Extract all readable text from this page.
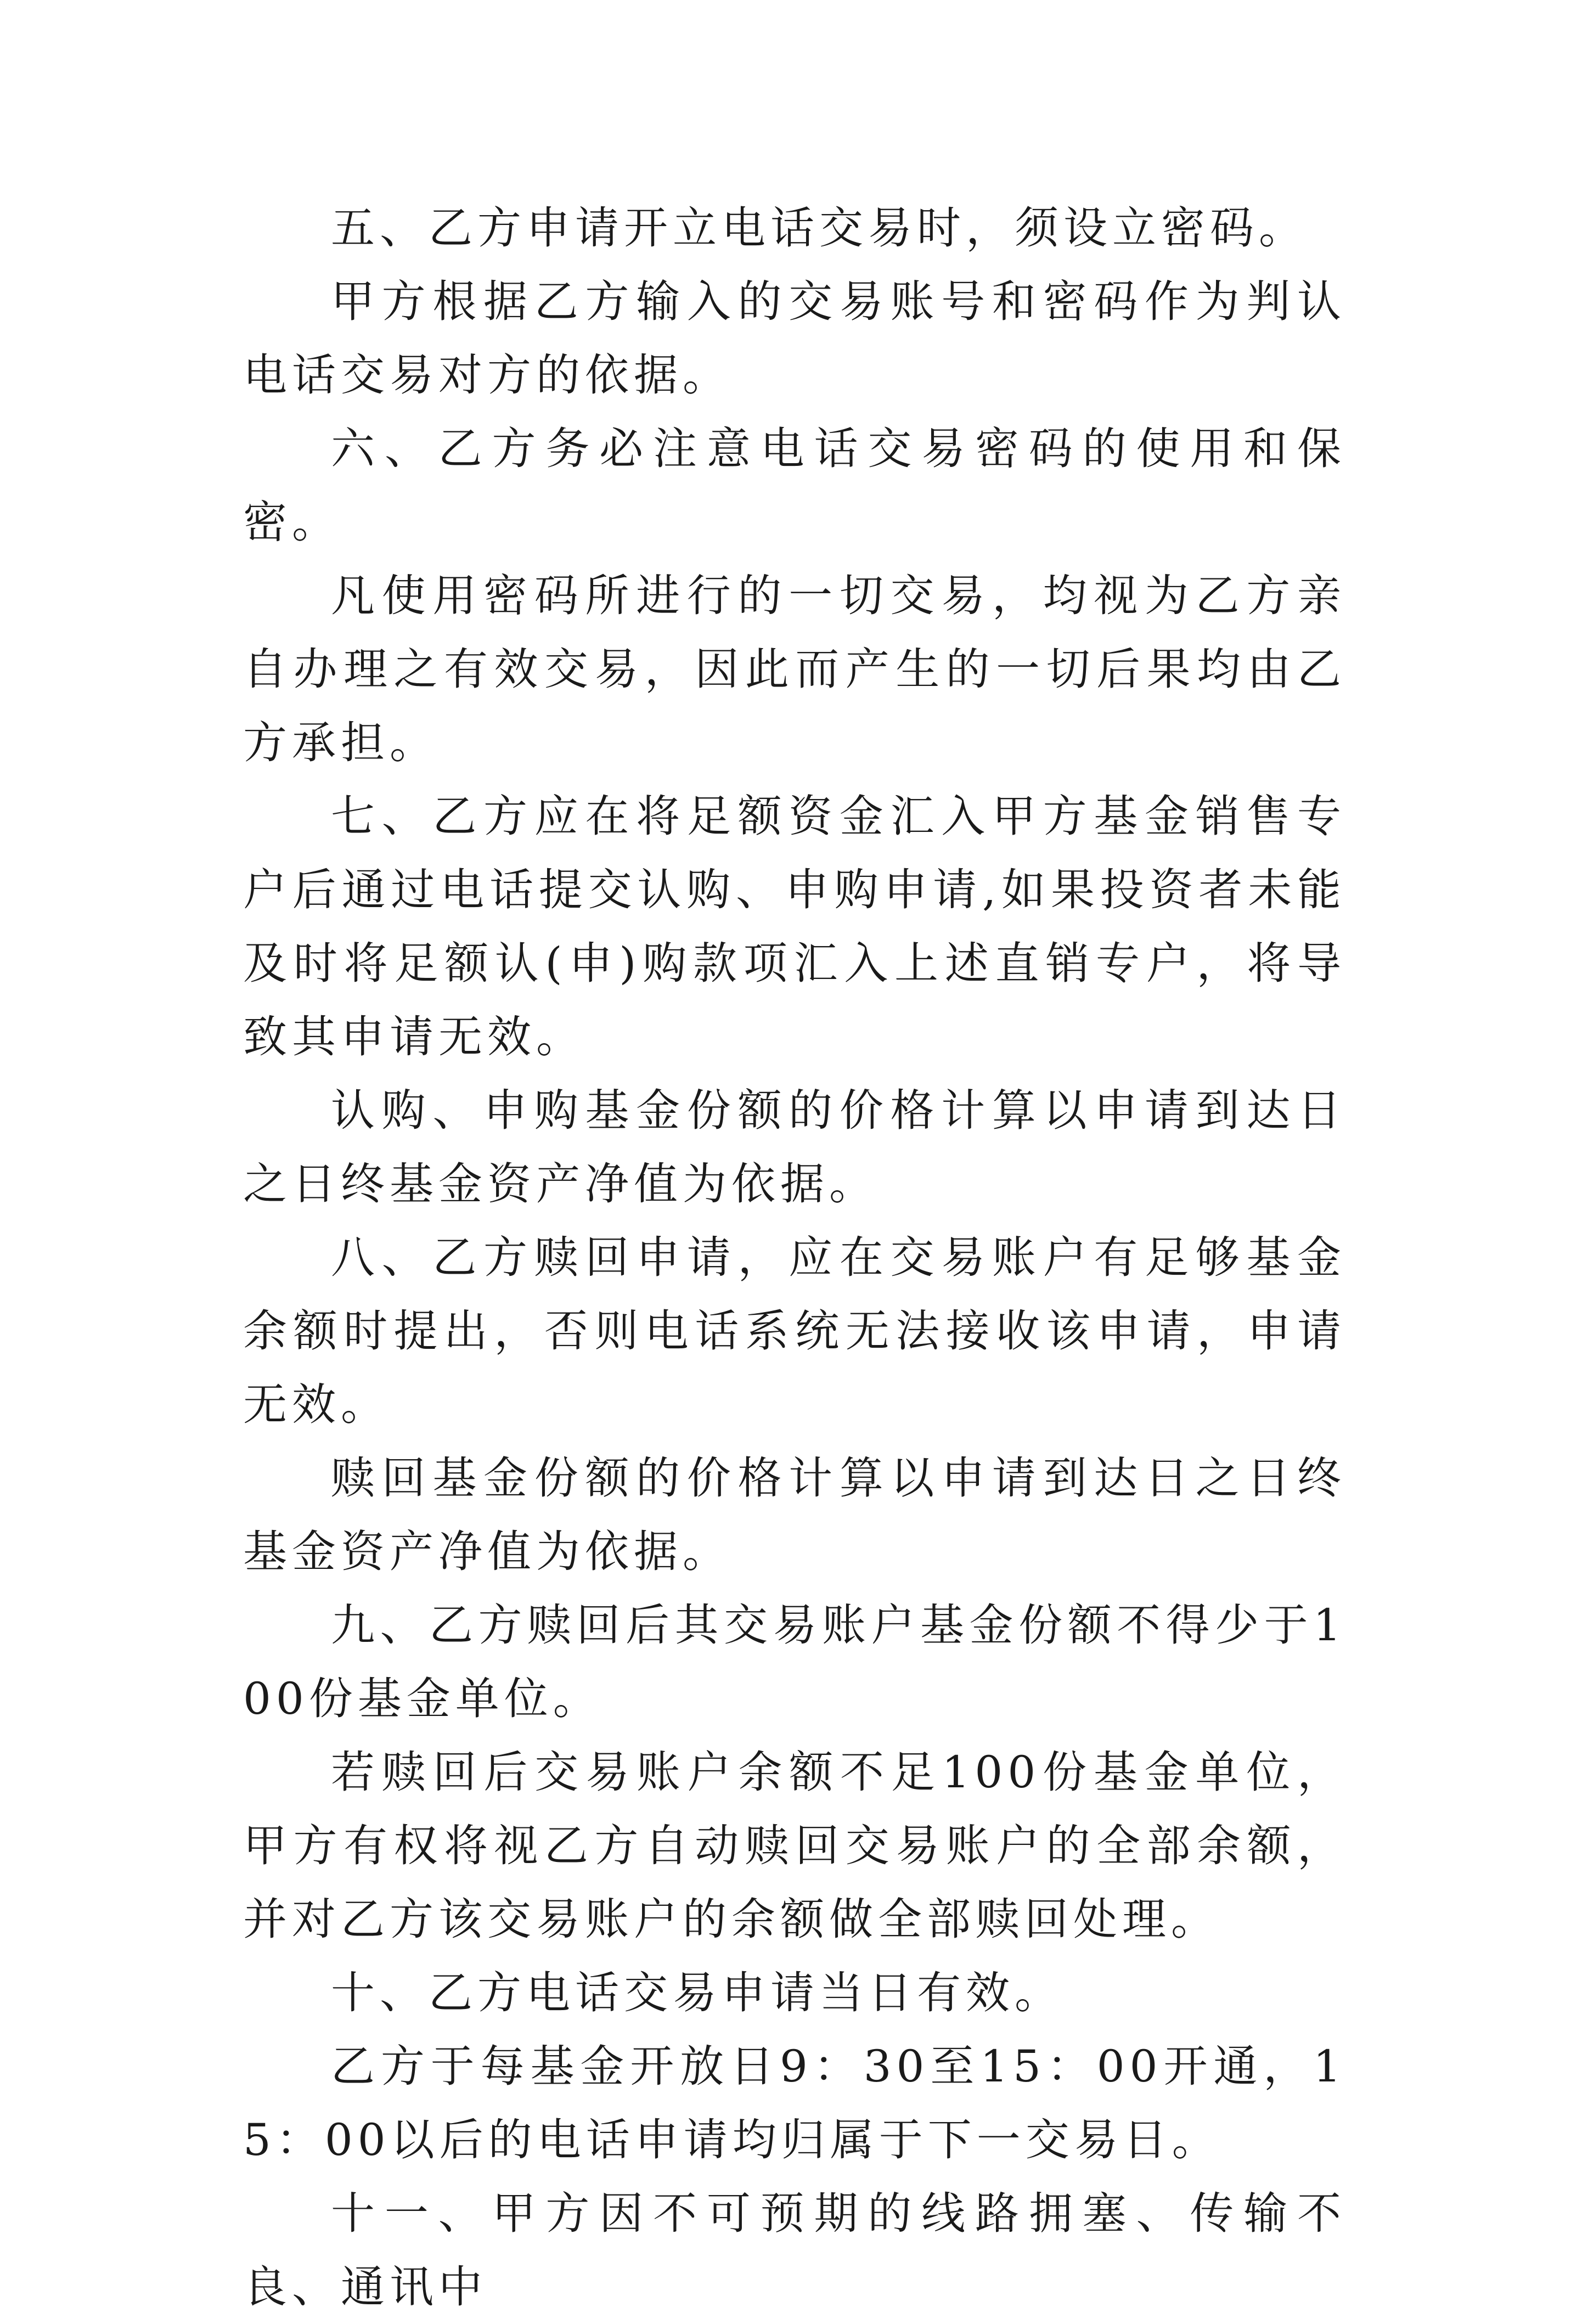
五、乙方申请开立电话交易时，须设立密码。

甲方根据乙方输入的交易账号和密码作为判认电话交易对方的依据。

六、乙方务必注意电话交易密码的使用和保密。

凡使用密码所进行的一切交易，均视为乙方亲自办理之有效交易，因此而产生的一切后果均由乙方承担。

七、乙方应在将足额资金汇入甲方基金销售专户后通过电话提交认购、申购申请,如果投资者未能及时将足额认(申)购款项汇入上述直销专户，将导致其申请无效。

认购、申购基金份额的价格计算以申请到达日之日终基金资产净值为依据。

八、乙方赎回申请，应在交易账户有足够基金余额时提出，否则电话系统无法接收该申请，申请无效。

赎回基金份额的价格计算以申请到达日之日终基金资产净值为依据。

九、乙方赎回后其交易账户基金份额不得少于100份基金单位。

若赎回后交易账户余额不足100份基金单位，甲方有权将视乙方自动赎回交易账户的全部余额，并对乙方该交易账户的余额做全部赎回处理。

十、乙方电话交易申请当日有效。

乙方于每基金开放日9：30至15：00开通，15：00以后的电话申请均归属于下一交易日。

十一、甲方因不可预期的线路拥塞、传输不良、通讯中
